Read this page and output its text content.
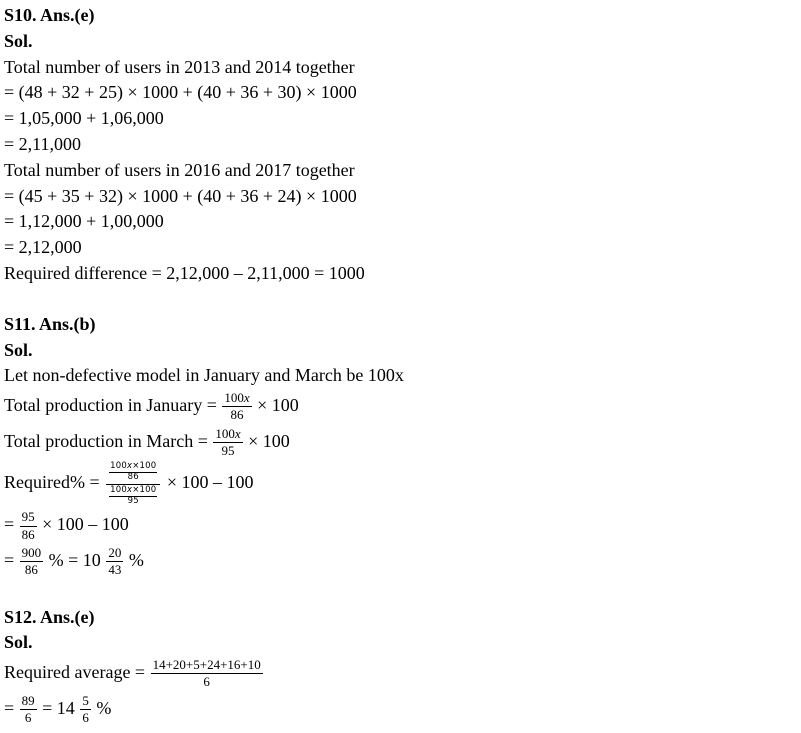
S10. Ans.(e)
Sol.
Total number of users in 2013 and 2014 together
= (48 + 32 + 25) × 1000 + (40 + 36 + 30) × 1000
= 1,05,000 + 1,06,000
= 2,11,000
Total number of users in 2016 and 2017 together
= (45 + 35 + 32) × 1000 + (40 + 36 + 24) × 1000
= 1,12,000 + 1,00,000
= 2,12,000
Required difference = 2,12,000 – 2,11,000 = 1000
S11. Ans.(b)
Sol.
Let non-defective model in January and March be 100x
Total production in January = $\frac{100x}{86} \times 100$
Total production in March = $\frac{100x}{95} \times 100$
Required% = $\frac{\frac{100x\times 100}{86}}{\frac{100x\times 100}{95}} \times 100 - 100$
= $\frac{95}{86} \times 100 - 100$
= $\frac{900}{86}$ % = $10 \frac{20}{43}$ %
S12. Ans.(e)
Sol.
Required average = $\frac{14+20+5+24+16+10}{6}$
= $\frac{89}{6} = 14 \frac{5}{6}$ %
